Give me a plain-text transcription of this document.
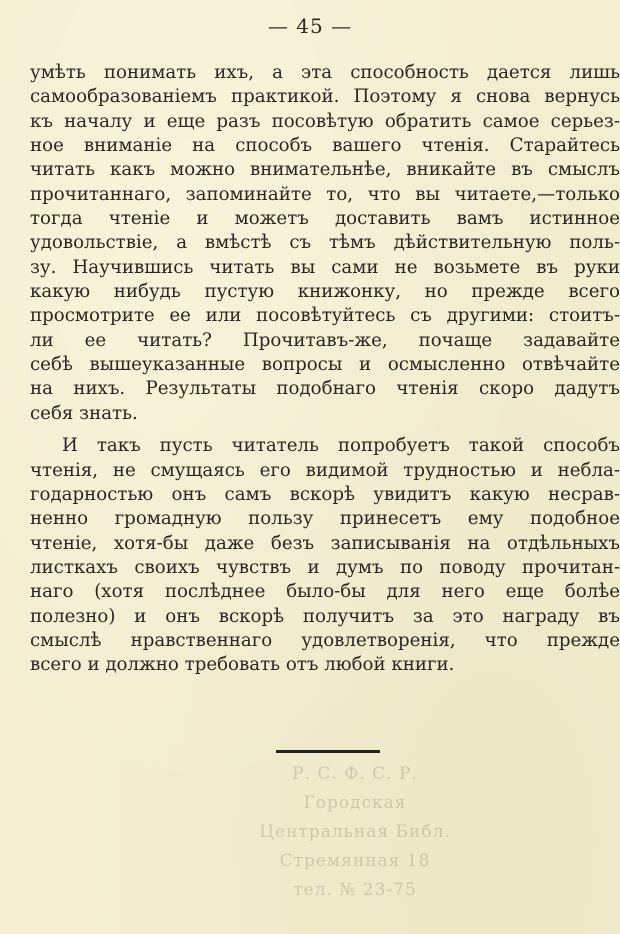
— 45 —
умѣть понимать ихъ, а эта способность дается лишь
самообразованіемъ практикой. Поэтому я снова вернусь
къ началу и еще разъ посовѣтую обратить самое серьез-
ное вниманіе на способъ вашего чтенія. Старайтесь
читать какъ можно внимательнѣе, вникайте въ смыслъ
прочитаннаго, запоминайте то, что вы читаете,—только
тогда чтеніе и можетъ доставить вамъ истинное
удовольствіе, а вмѣстѣ съ тѣмъ дѣйствительную поль-
зу. Научившись читать вы сами не возьмете въ руки
какую нибудь пустую книжонку, но прежде всего
просмотрите ее или посовѣтуйтесь съ другими: стоитъ-
ли ее читать? Прочитавъ-же, почаще задавайте
себѣ вышеуказанные вопросы и осмысленно отвѣчайте
на нихъ. Результаты подобнаго чтенія скоро дадутъ
себя знать.
И такъ пусть читатель попробуетъ такой способъ
чтенія, не смущаясь его видимой трудностью и небла-
годарностью онъ самъ вскорѣ увидитъ какую несрав-
ненно громадную пользу принесетъ ему подобное
чтеніе, хотя-бы даже безъ записыванія на отдѣльныхъ
листкахъ своихъ чувствъ и думъ по поводу прочитан-
наго (хотя послѣднее было-бы для него еще болѣе
полезно) и онъ вскорѣ получитъ за это награду въ
смыслѣ нравственнаго удовлетворенія, что прежде
всего и должно требовать отъ любой книги.
Р. С. Ф. С. Р.
Городская
Центральная Библ.
Стремянная 18
тел. № 23-75
